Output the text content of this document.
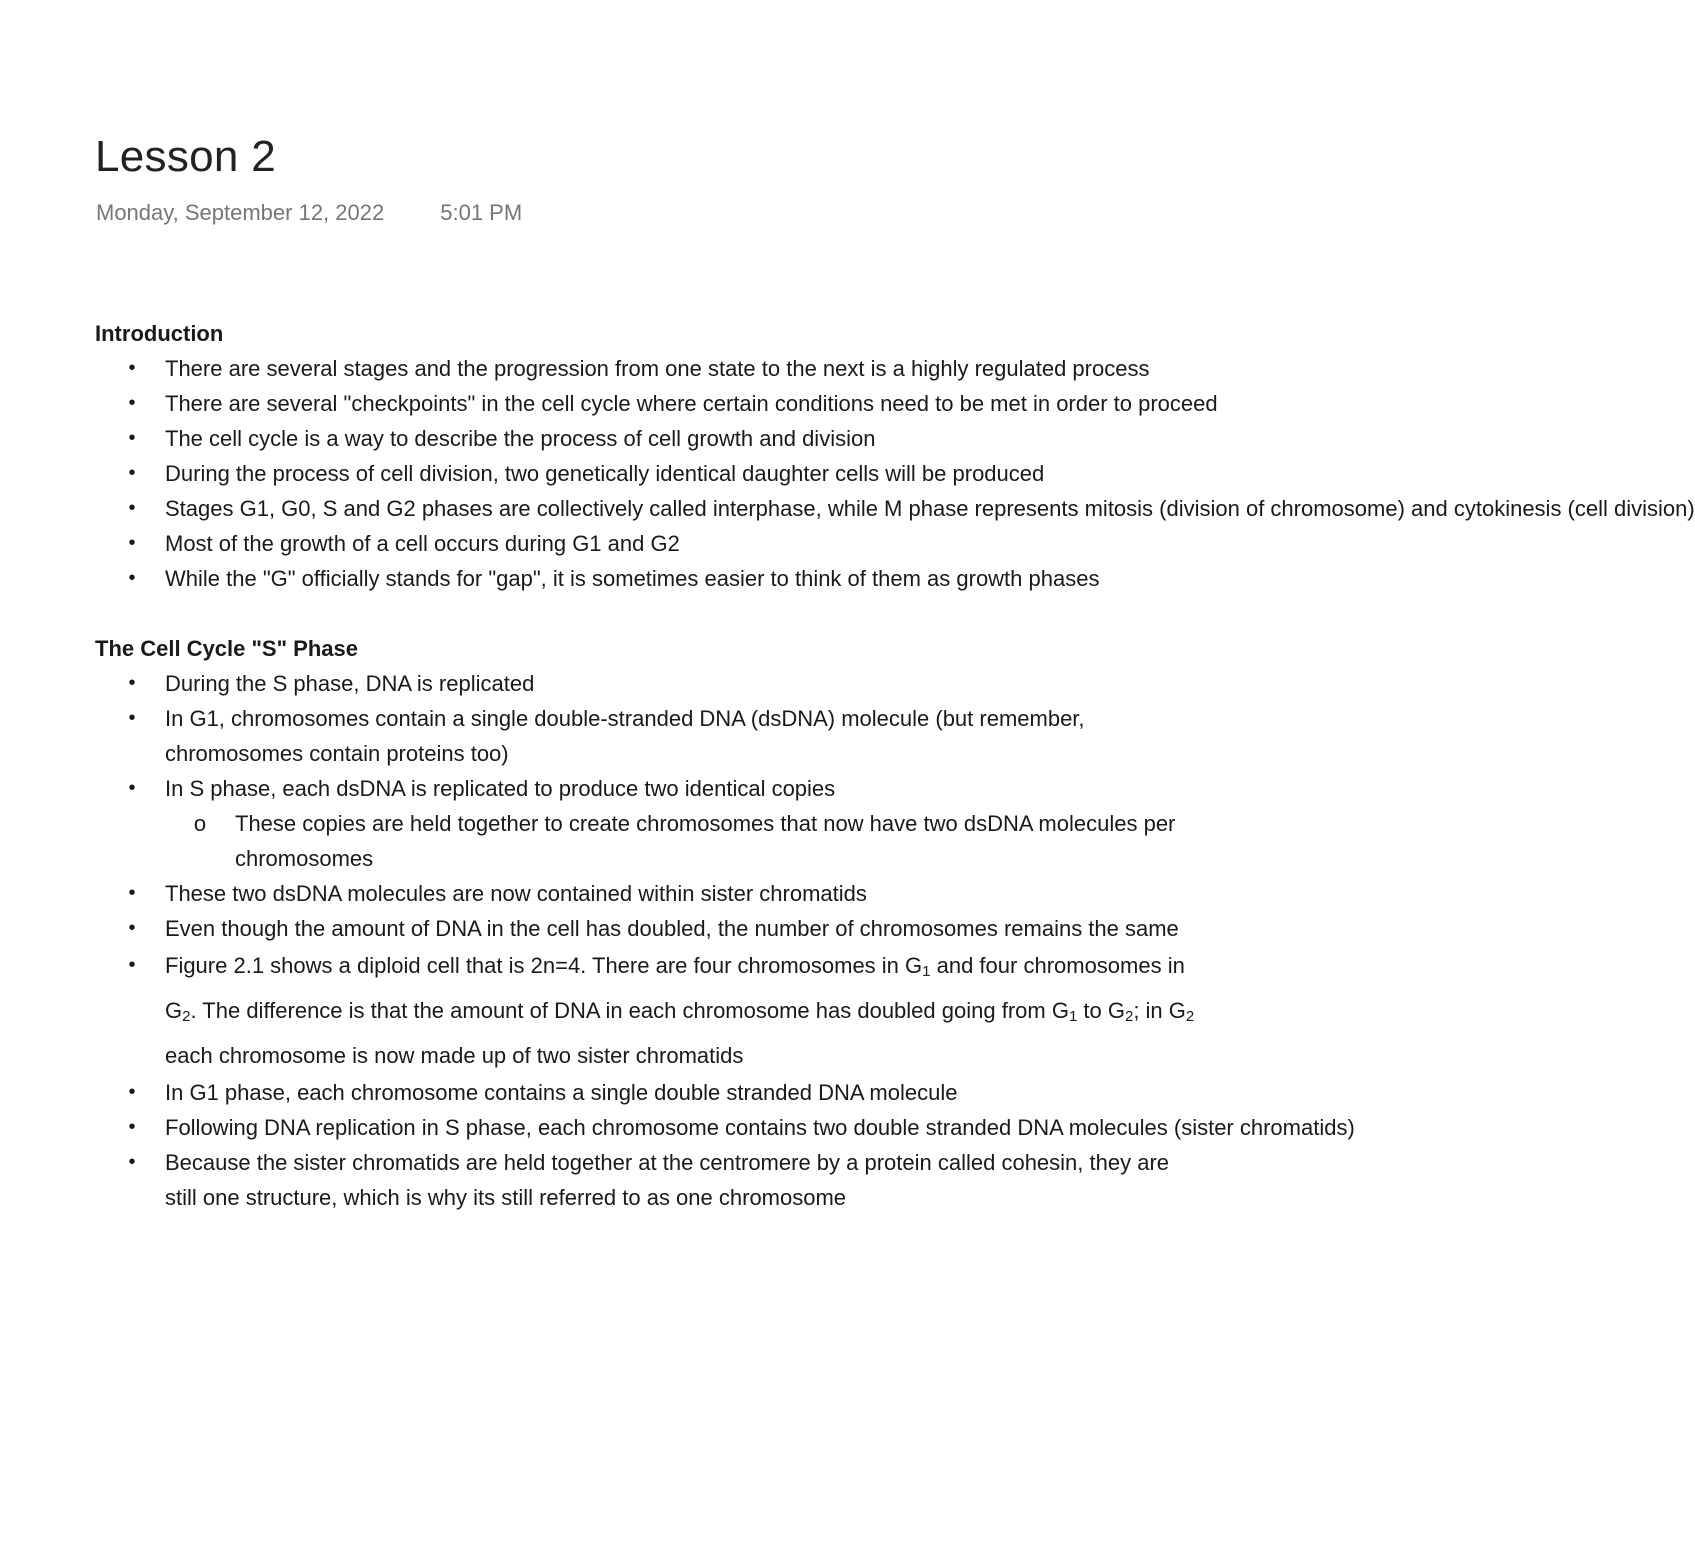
Lesson 2
Monday, September 12, 2022	5:01 PM
Introduction
• There are several stages and the progression from one state to the next is a highly regulated process
• There are several "checkpoints" in the cell cycle where certain conditions need to be met in order to proceed
• The cell cycle is a way to describe the process of cell growth and division
• During the process of cell division, two genetically identical daughter cells will be produced
• Stages G1, G0, S and G2 phases are collectively called interphase, while M phase represents mitosis (division of chromosome) and cytokinesis (cell division)
• Most of the growth of a cell occurs during G1 and G2
• While the "G" officially stands for "gap", it is sometimes easier to think of them as growth phases
The Cell Cycle "S" Phase
• During the S phase, DNA is replicated
• In G1, chromosomes contain a single double-stranded DNA (dsDNA) molecule (but remember, chromosomes contain proteins too)
• In S phase, each dsDNA is replicated to produce two identical copies
o These copies are held together to create chromosomes that now have two dsDNA molecules per chromosomes
• These two dsDNA molecules are now contained within sister chromatids
• Even though the amount of DNA in the cell has doubled, the number of chromosomes remains the same
• Figure 2.1 shows a diploid cell that is 2n=4. There are four chromosomes in $G_1$ and four chromosomes in $G_2$. The difference is that the amount of DNA in each chromosome has doubled going from $G_1$ to $G_2$; in $G_2$ each chromosome is now made up of two sister chromatids
• In G1 phase, each chromosome contains a single double stranded DNA molecule
• Following DNA replication in S phase, each chromosome contains two double stranded DNA molecules (sister chromatids)
• Because the sister chromatids are held together at the centromere by a protein called cohesin, they are still one structure, which is why its still referred to as one chromosome
